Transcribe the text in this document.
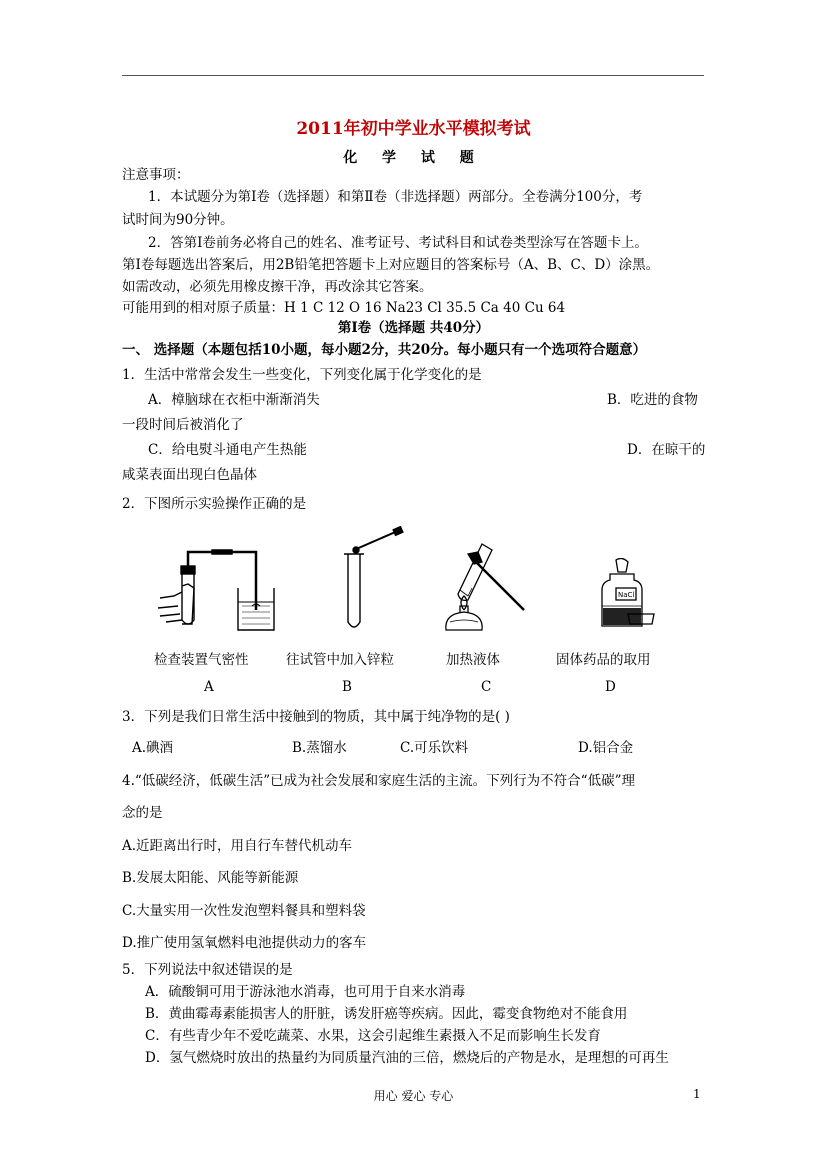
2011年初中学业水平模拟考试
化 学 试 题
注意事项：
1．本试题分为第Ⅰ卷（选择题）和第Ⅱ卷（非选择题）两部分。全卷满分100分，考
试时间为90分钟。
2．答第Ⅰ卷前务必将自己的姓名、准考证号、考试科目和试卷类型涂写在答题卡上。
第Ⅰ卷每题选出答案后，用2B铅笔把答题卡上对应题目的答案标号（A、B、C、D）涂黑。
如需改动，必须先用橡皮擦干净，再改涂其它答案。
可能用到的相对原子质量：H 1 C 12 O 16 Na23 Cl 35.5 Ca 40 Cu 64
第Ⅰ卷（选择题 共40分）
一、 选择题（本题包括10小题，每小题2分，共20分。每小题只有一个选项符合题意）
1．生活中常常会发生一些变化，下列变化属于化学变化的是
A．樟脑球在衣柜中渐渐消失	B．吃进的食物
一段时间后被消化了
C．给电熨斗通电产生热能	D．在晾干的
咸菜表面出现白色晶体
2．下图所示实验操作正确的是
检查装置气密性
A
往试管中加入锌粒
B
加热液体
C
NaCl
固体药品的取用
D
3．下列是我们日常生活中接触到的物质，其中属于纯净物的是( )
A.碘酒	B.蒸馏水	C.可乐饮料	D.铝合金
4.“低碳经济，低碳生活”已成为社会发展和家庭生活的主流。下列行为不符合“低碳”理
念的是
A.近距离出行时，用自行车替代机动车
B.发展太阳能、风能等新能源
C.大量实用一次性发泡塑料餐具和塑料袋
D.推广使用氢氧燃料电池提供动力的客车
5．下列说法中叙述错误的是
A．硫酸铜可用于游泳池水消毒，也可用于自来水消毒
B．黄曲霉毒素能损害人的肝脏，诱发肝癌等疾病。因此，霉变食物绝对不能食用
C．有些青少年不爱吃蔬菜、水果，这会引起维生素摄入不足而影响生长发育
D．氢气燃烧时放出的热量约为同质量汽油的三倍，燃烧后的产物是水，是理想的可再生
用心 爱心 专心	1
